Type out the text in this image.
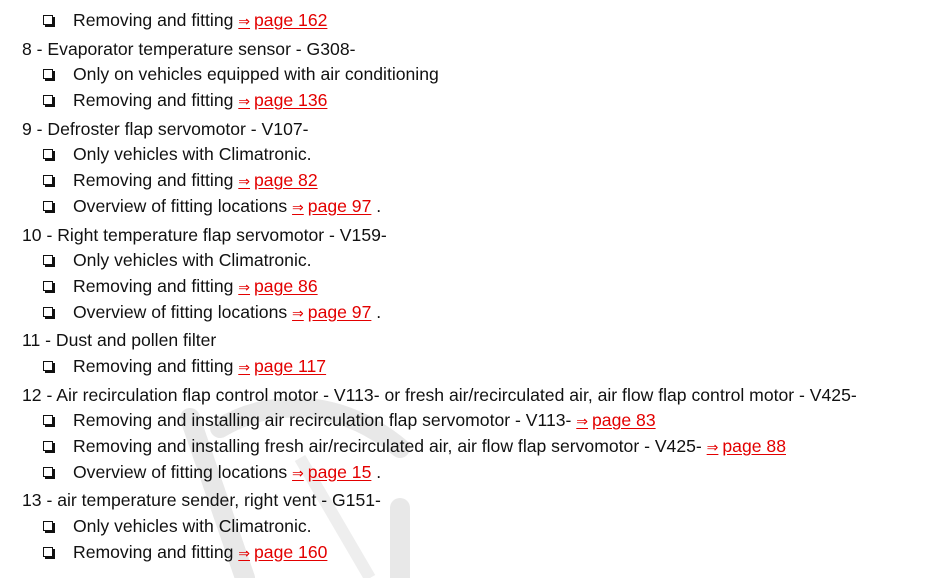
Removing and fitting ⇒ page 162
8 - Evaporator temperature sensor - G308-
Only on vehicles equipped with air conditioning
Removing and fitting ⇒ page 136
9 - Defroster flap servomotor - V107-
Only vehicles with Climatronic.
Removing and fitting ⇒ page 82
Overview of fitting locations ⇒ page 97 .
10 - Right temperature flap servomotor - V159-
Only vehicles with Climatronic.
Removing and fitting ⇒ page 86
Overview of fitting locations ⇒ page 97 .
11 - Dust and pollen filter
Removing and fitting ⇒ page 117
12 - Air recirculation flap control motor - V113- or fresh air/recirculated air, air flow flap control motor - V425-
Removing and installing air recirculation flap servomotor - V113- ⇒ page 83
Removing and installing fresh air/recirculated air, air flow flap servomotor - V425- ⇒ page 88
Overview of fitting locations ⇒ page 15 .
13 - air temperature sender, right vent - G151-
Only vehicles with Climatronic.
Removing and fitting ⇒ page 160
